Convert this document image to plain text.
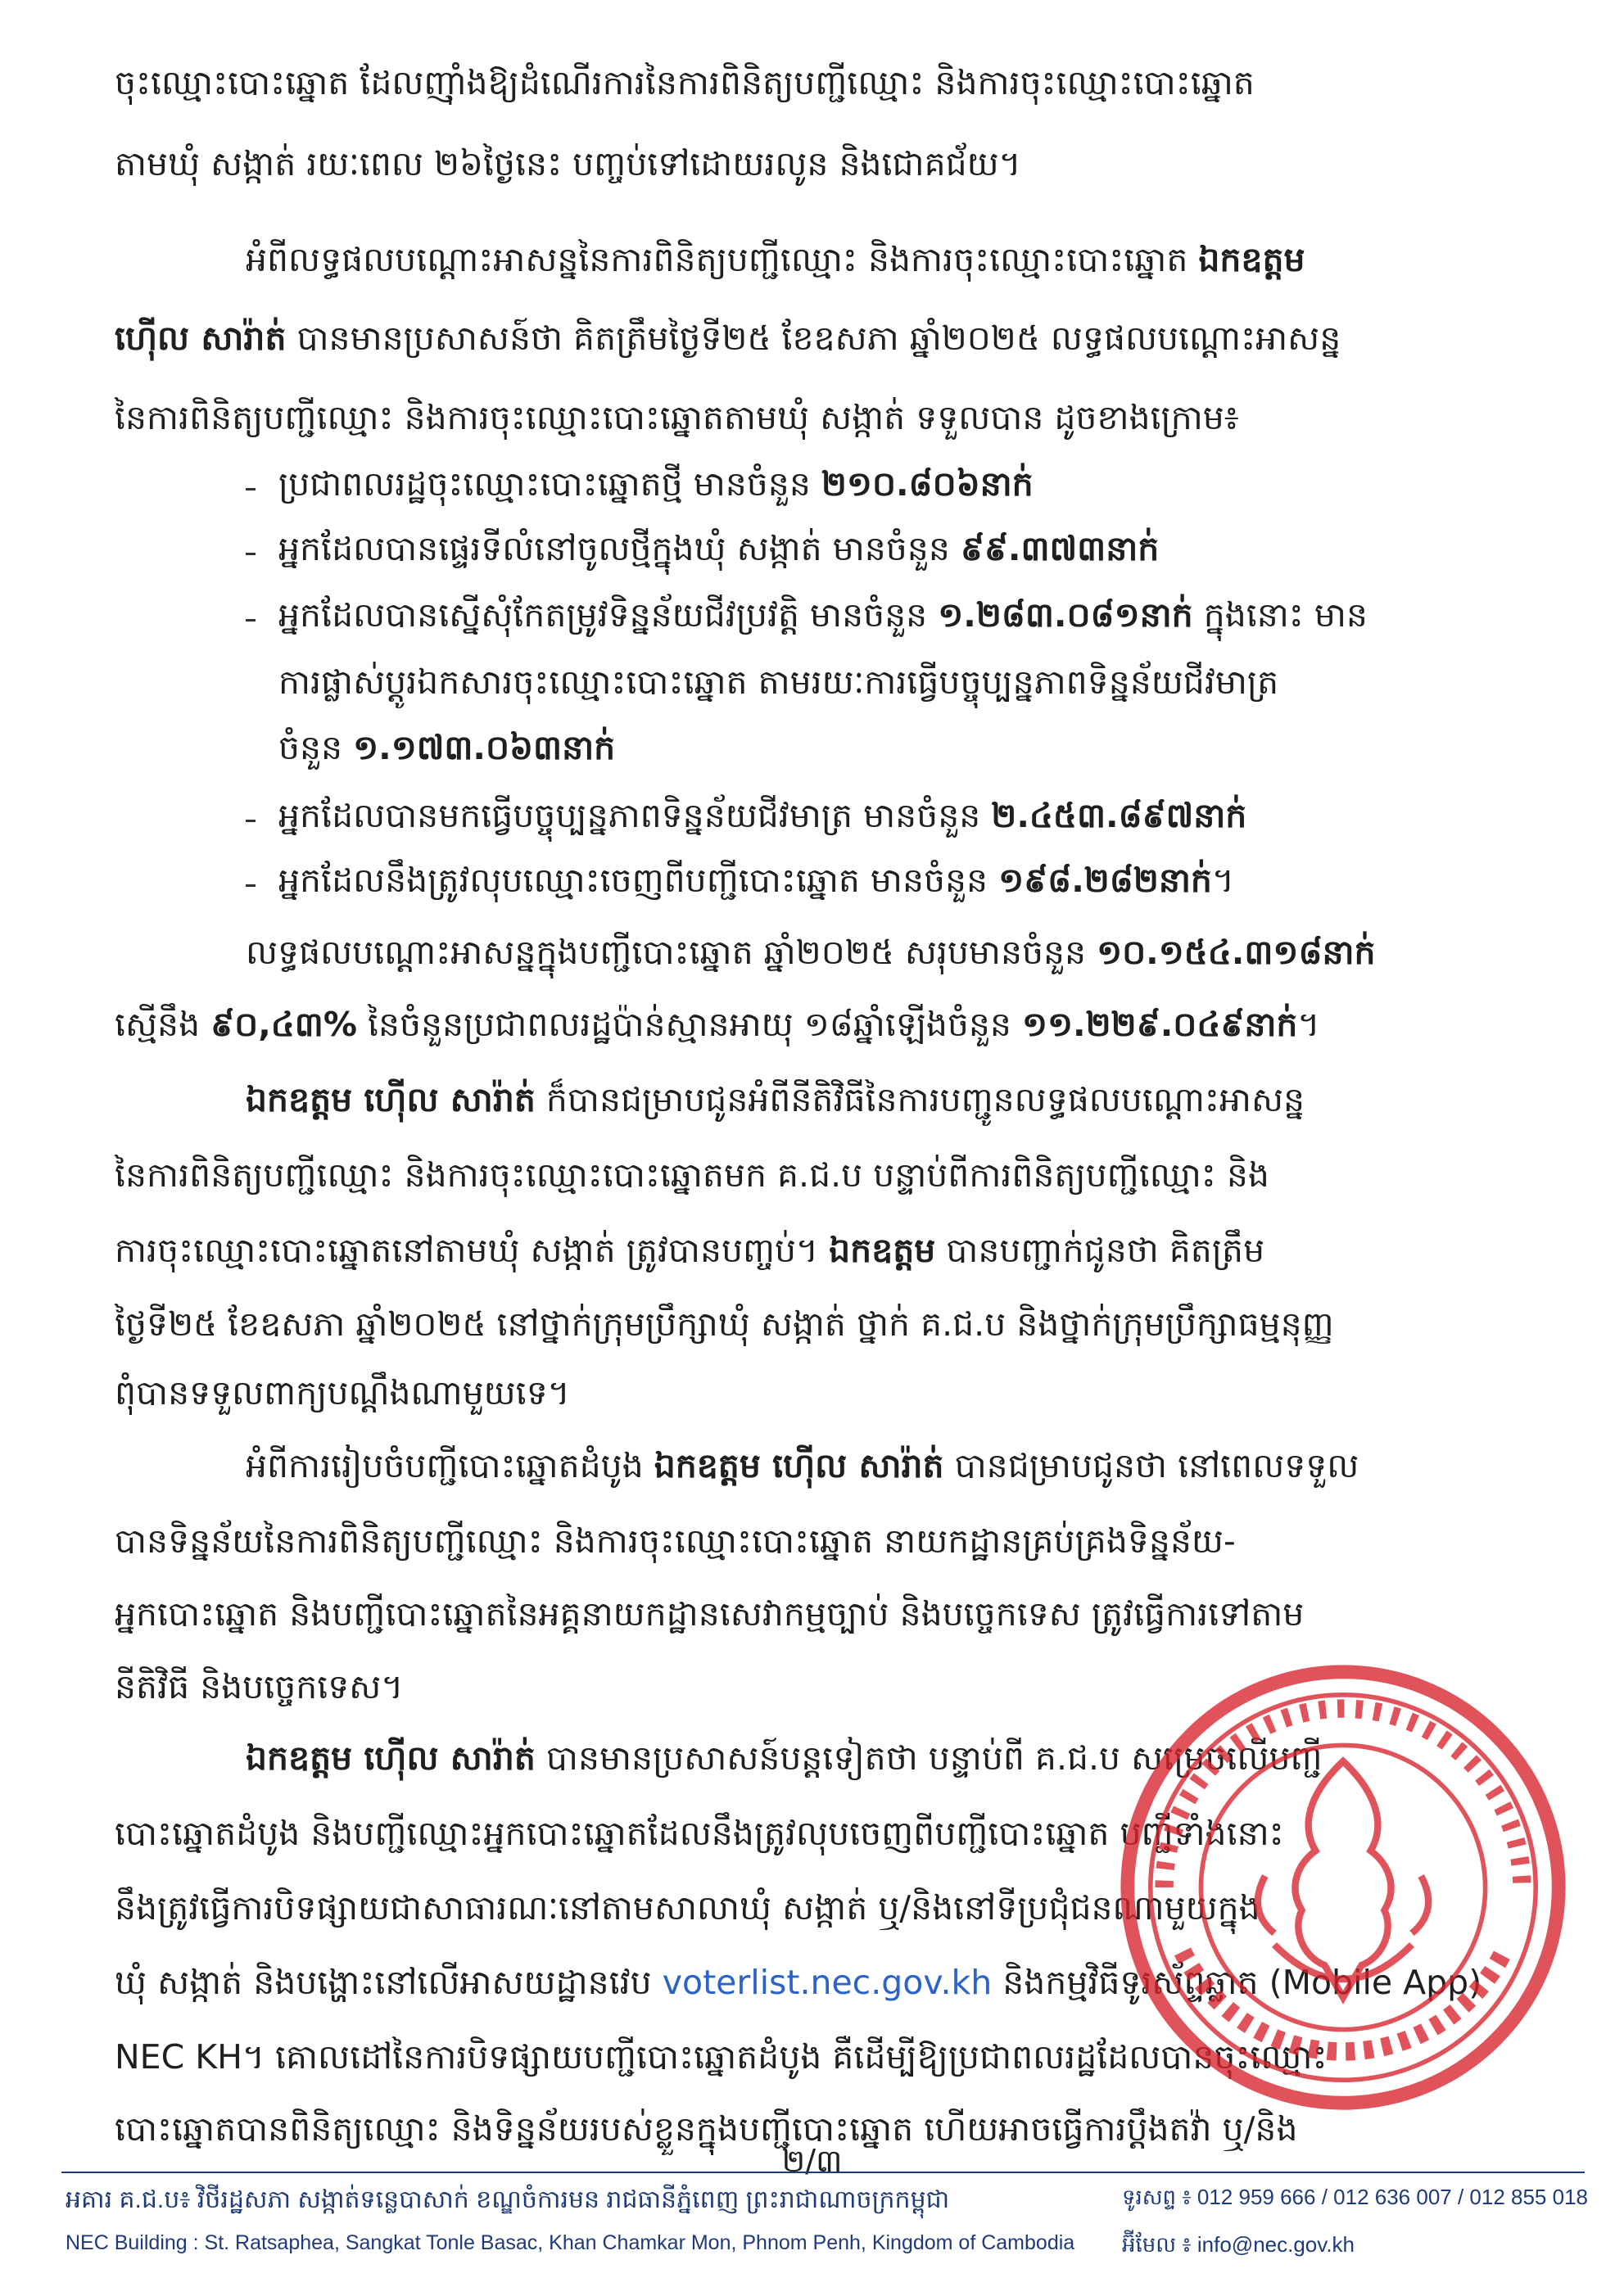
ចុះឈ្មោះបោះឆ្នោត ដែលញ៉ាំងឱ្យដំណើរការនៃការពិនិត្យបញ្ជីឈ្មោះ និងការចុះឈ្មោះបោះឆ្នោត
តាមឃុំ សង្កាត់ រយៈពេល ២៦ថ្ងៃនេះ បញ្ចប់ទៅដោយរលូន និងជោគជ័យ។
អំពីលទ្ធផលបណ្ដោះអាសន្ននៃការពិនិត្យបញ្ជីឈ្មោះ និងការចុះឈ្មោះបោះឆ្នោត ឯកឧត្តម
ហ៊ើល សារ៉ាត់ បានមានប្រសាសន៍ថា គិតត្រឹមថ្ងៃទី២៥ ខែឧសភា ឆ្នាំ២០២៥ លទ្ធផលបណ្ដោះអាសន្ន
នៃការពិនិត្យបញ្ជីឈ្មោះ និងការចុះឈ្មោះបោះឆ្នោតតាមឃុំ សង្កាត់ ទទួលបាន ដូចខាងក្រោម៖
ប្រជាពលរដ្ឋចុះឈ្មោះបោះឆ្នោតថ្មី មានចំនួន ២១០.៨០៦នាក់
អ្នកដែលបានផ្ទេរទីលំនៅចូលថ្មីក្នុងឃុំ សង្កាត់ មានចំនួន ៩៩.៣៧៣នាក់
អ្នកដែលបានស្នើសុំកែតម្រូវទិន្នន័យជីវប្រវត្តិ មានចំនួន ១.២៨៣.០៨១នាក់ ក្នុងនោះ មាន
ការផ្លាស់ប្ដូរឯកសារចុះឈ្មោះបោះឆ្នោត តាមរយៈការធ្វើបច្ចុប្បន្នភាពទិន្នន័យជីវមាត្រ
ចំនួន ១.១៧៣.០៦៣នាក់
អ្នកដែលបានមកធ្វើបច្ចុប្បន្នភាពទិន្នន័យជីវមាត្រ មានចំនួន ២.៤៥៣.៨៩៧នាក់
អ្នកដែលនឹងត្រូវលុបឈ្មោះចេញពីបញ្ជីបោះឆ្នោត មានចំនួន ១៩៨.២៨២នាក់។
លទ្ធផលបណ្ដោះអាសន្នក្នុងបញ្ជីបោះឆ្នោត ឆ្នាំ២០២៥ សរុបមានចំនួន ១០.១៥៤.៣១៨នាក់
ស្មើនឹង ៩០,៤៣% នៃចំនួនប្រជាពលរដ្ឋប៉ាន់ស្មានអាយុ ១៨ឆ្នាំឡើងចំនួន ១១.២២៩.០៤៩នាក់។
ឯកឧត្តម ហ៊ើល សារ៉ាត់ ក៏បានជម្រាបជូនអំពីនីតិវិធីនៃការបញ្ជូនលទ្ធផលបណ្ដោះអាសន្ន
នៃការពិនិត្យបញ្ជីឈ្មោះ និងការចុះឈ្មោះបោះឆ្នោតមក គ.ជ.ប បន្ទាប់ពីការពិនិត្យបញ្ជីឈ្មោះ និង
ការចុះឈ្មោះបោះឆ្នោតនៅតាមឃុំ សង្កាត់ ត្រូវបានបញ្ចប់។ ឯកឧត្តម បានបញ្ជាក់ជូនថា គិតត្រឹម
ថ្ងៃទី២៥ ខែឧសភា ឆ្នាំ២០២៥ នៅថ្នាក់ក្រុមប្រឹក្សាឃុំ សង្កាត់ ថ្នាក់ គ.ជ.ប និងថ្នាក់ក្រុមប្រឹក្សាធម្មនុញ្ញ
ពុំបានទទួលពាក្យបណ្ដឹងណាមួយទេ។
អំពីការរៀបចំបញ្ជីបោះឆ្នោតដំបូង ឯកឧត្តម ហ៊ើល សារ៉ាត់ បានជម្រាបជូនថា នៅពេលទទួល
បានទិន្នន័យនៃការពិនិត្យបញ្ជីឈ្មោះ និងការចុះឈ្មោះបោះឆ្នោត នាយកដ្ឋានគ្រប់គ្រងទិន្នន័យ-
អ្នកបោះឆ្នោត និងបញ្ជីបោះឆ្នោតនៃអគ្គនាយកដ្ឋានសេវាកម្មច្បាប់ និងបច្ចេកទេស ត្រូវធ្វើការទៅតាម
នីតិវិធី និងបច្ចេកទេស។
ឯកឧត្តម ហ៊ើល សារ៉ាត់ បានមានប្រសាសន៍បន្តទៀតថា បន្ទាប់ពី គ.ជ.ប សម្រេចលើបញ្ជី
បោះឆ្នោតដំបូង និងបញ្ជីឈ្មោះអ្នកបោះឆ្នោតដែលនឹងត្រូវលុបចេញពីបញ្ជីបោះឆ្នោត បញ្ជីទាំងនោះ
នឹងត្រូវធ្វើការបិទផ្សាយជាសាធារណៈនៅតាមសាលាឃុំ សង្កាត់ ឬ/និងនៅទីប្រជុំជនណាមួយក្នុង
ឃុំ សង្កាត់ និងបង្ហោះនៅលើអាសយដ្ឋានវេប voterlist.nec.gov.kh និងកម្មវិធីទូរស័ព្ទឆ្លាត (Mobile App)
NEC KH។ គោលដៅនៃការបិទផ្សាយបញ្ជីបោះឆ្នោតដំបូង គឺដើម្បីឱ្យប្រជាពលរដ្ឋដែលបានចុះឈ្មោះ
បោះឆ្នោតបានពិនិត្យឈ្មោះ និងទិន្នន័យរបស់ខ្លួនក្នុងបញ្ជីបោះឆ្នោត ហើយអាចធ្វើការប្ដឹងតវ៉ា ឬ/និង
២/៣
អគារ គ.ជ.ប៖ វិថីរដ្ឋសភា សង្កាត់ទន្លេបាសាក់ ខណ្ឌចំការមន រាជធានីភ្នំពេញ ព្រះរាជាណាចក្រកម្ពុជា
NEC Building : St. Ratsaphea, Sangkat Tonle Basac, Khan Chamkar Mon, Phnom Penh, Kingdom of Cambodia
ទូរសព្ទ ៖ 012 959 666 / 012 636 007 / 012 855 018
អ៊ីមែល ៖ info@nec.gov.kh
